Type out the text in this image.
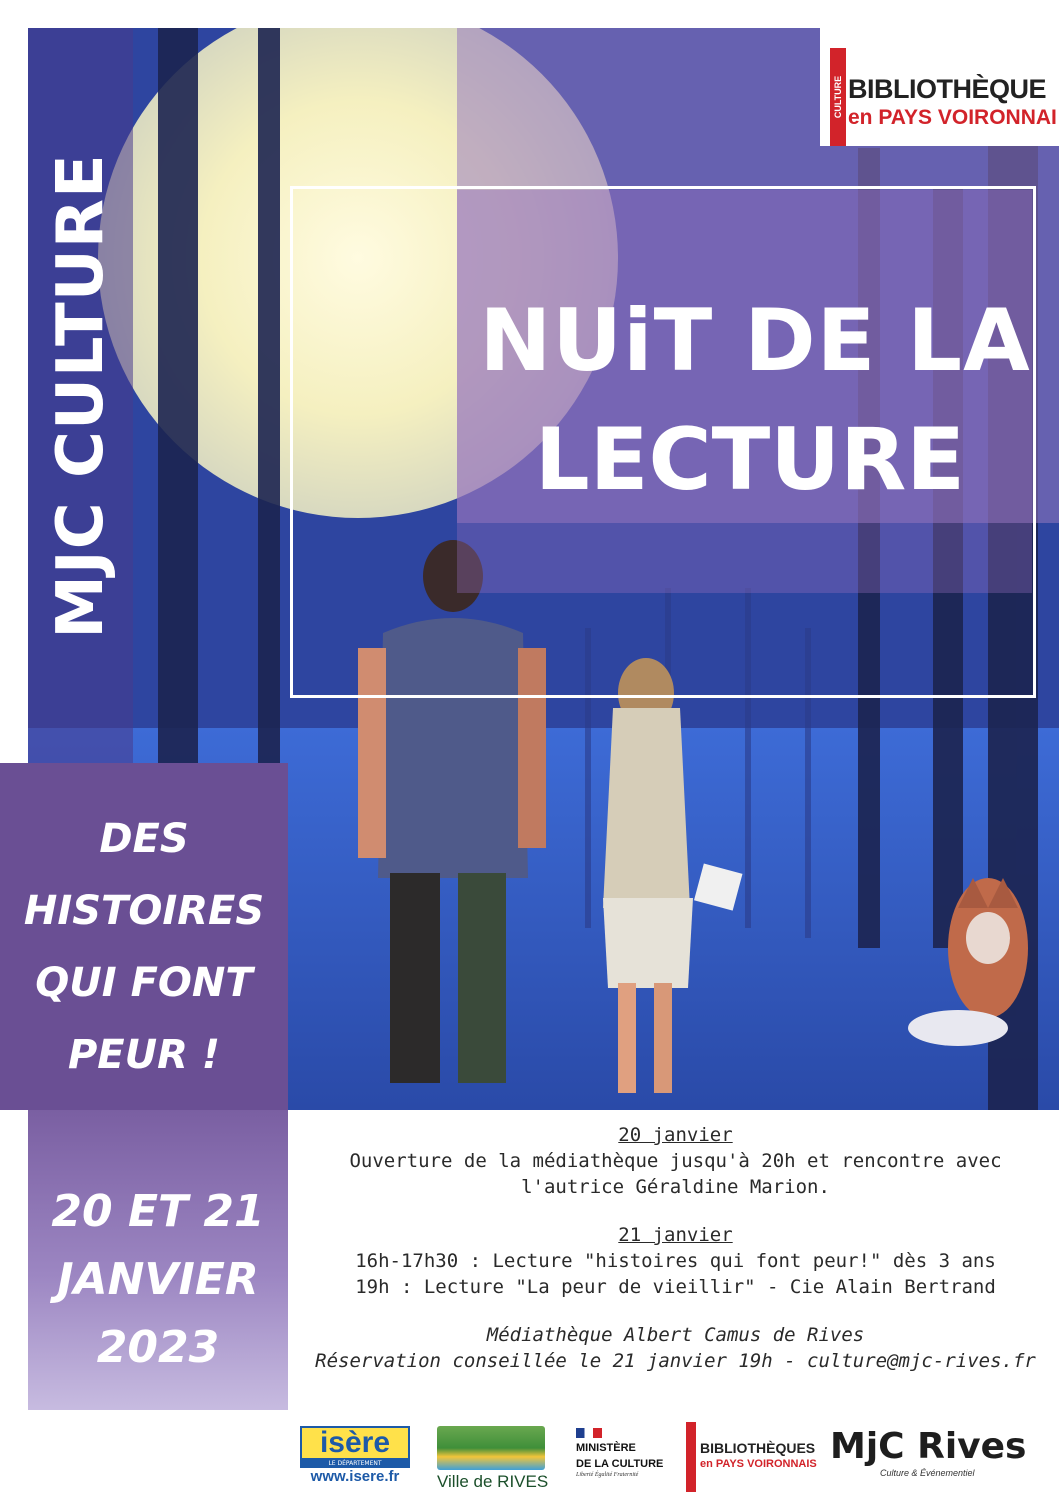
MJC CULTURE	NUiT DE LA
LECTURE
CULTURE BIBLIOTHÈQUE
en PAYS VOIRONNAI
DES
HISTOIRES
QUI FONT
PEUR !
20 ET 21
JANVIER
2023
20 janvier
Ouverture de la médiathèque jusqu'à 20h et rencontre avec
l'autrice Géraldine Marion.
21 janvier
16h-17h30 : Lecture "histoires qui font peur!" dès 3 ans
19h : Lecture "La peur de vieillir" - Cie Alain Bertrand
Médiathèque Albert Camus de Rives
Réservation conseillée le 21 janvier 19h - culture@mjc-rives.fr
isère
LE DÉPARTEMENT
www.isere.fr	Ville de RIVES
MINISTÈRE
DE LA CULTURE
Liberté Égalité Fraternité
CULTURE BIBLIOTHÈQUES
en PAYS VOIRONNAIS MjC Rives
Culture & Événementiel
